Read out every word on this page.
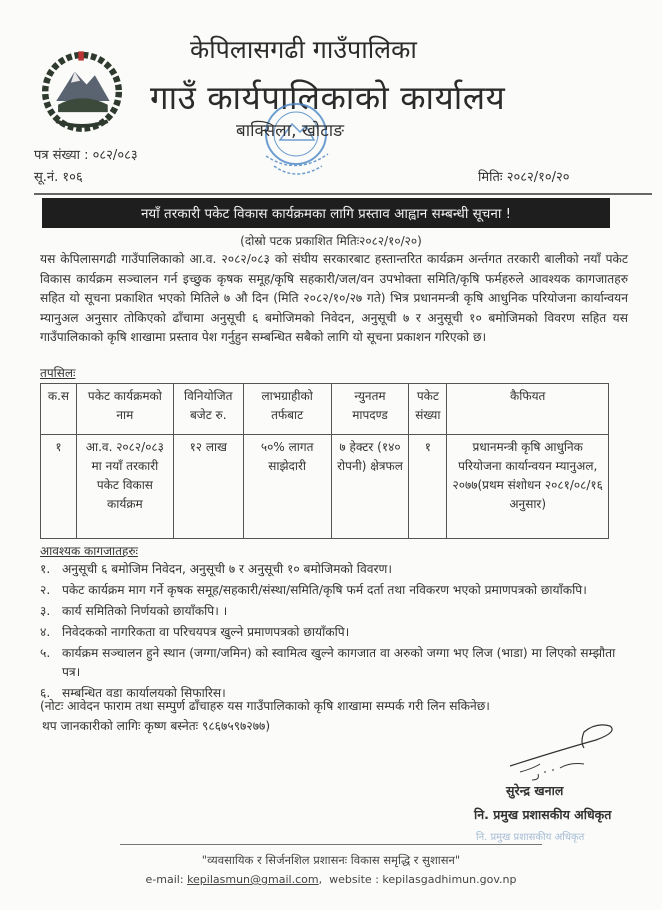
केपिलासगढी गाउँपालिका
गाउँ कार्यपालिकाको कार्यालय
बाक्सिला, खोटाङ
पत्र संख्या : ०८२/०८३
सू.नं. १०६	मितिः २०८२/१०/२०
नयाँ तरकारी पकेट विकास कार्यक्रमका लागि प्रस्ताव आह्वान सम्बन्धी सूचना !
(दोस्रो पटक प्रकाशित मितिः२०८२/१०/२०)
यस केपिलासगढी गाउँपालिकाको आ.व. २०८२/०८३ को संघीय सरकारबाट हस्तान्तरित कार्यक्रम अर्न्तगत तरकारी बालीको नयाँ पकेट विकास कार्यक्रम सञ्चालन गर्न इच्छुक कृषक समूह/कृषि सहकारी/जल/वन उपभोक्ता समिति/कृषि फर्महरुले आवश्यक कागजातहरु सहित यो सूचना प्रकाशित भएको मितिले ७ औ दिन (मिति २०८२/१०/२७ गते) भित्र प्रधानमन्त्री कृषि आधुनिक परियोजना कार्यान्वयन म्यानुअल अनुसार तोकिएको ढाँचामा अनुसूची ६ बमोजिमको निवेदन, अनुसूची ७ र अनुसूची १० बमोजिमको विवरण सहित यस गाउँपालिकाको कृषि शाखामा प्रस्ताव पेश गर्नुहुन सम्बन्धित सबैको लागि यो सूचना प्रकाशन गरिएको छ।
तपसिलः
क.स	पकेट कार्यक्रमको नाम	विनियोजित बजेट रु.	लाभग्राहीको तर्फबाट	न्युनतम मापदण्ड	पकेट संख्या	कैफियत
१	आ.व. २०८२/०८३ मा नयाँ तरकारी पकेट विकास कार्यक्रम	१२ लाख	५०% लागत साझेदारी	७ हेक्टर (१४० रोपनी) क्षेत्रफल	१	प्रधानमन्त्री कृषि आधुनिक परियोजना कार्यान्वयन म्यानुअल, २०७७(प्रथम संशोधन २०८१/०८/१६ अनुसार)
आवश्यक कागजातहरुः
१. अनुसूची ६ बमोजिम निवेदन, अनुसूची ७ र अनुसूची १० बमोजिमको विवरण।
२. पकेट कार्यक्रम माग गर्ने कृषक समूह/सहकारी/संस्था/समिति/कृषि फर्म दर्ता तथा नविकरण भएको प्रमाणपत्रको छायाँकपि।
३. कार्य समितिको निर्णयको छायाँकपि। ।
४. निवेदकको नागरिकता वा परिचयपत्र खुल्ने प्रमाणपत्रको छायाँकपि।
५. कार्यक्रम सञ्चालन हुने स्थान (जग्गा/जमिन) को स्वामित्व खुल्ने कागजात वा अरुको जग्गा भए लिज (भाडा) मा लिएको सम्झौता पत्र।
६. सम्बन्धित वडा कार्यालयको सिफारिस।
(नोटः आवेदन फाराम तथा सम्पुर्ण ढाँचाहरु यस गाउँपालिकाको कृषि शाखामा सम्पर्क गरी लिन सकिनेछ।
थप जानकारीको लागिः कृष्ण बस्नेतः ९८६७५९७२७७)
सुरेन्द्र खनाल
नि. प्रमुख प्रशासकीय अधिकृत
नि. प्रमुख प्रशासकीय अधिकृत
"व्यवसायिक र सिर्जनशिल प्रशासनः विकास समृद्धि र सुशासन"
e-mail: kepilasmun@gmail.com,  website : kepilasgadhimun.gov.np
